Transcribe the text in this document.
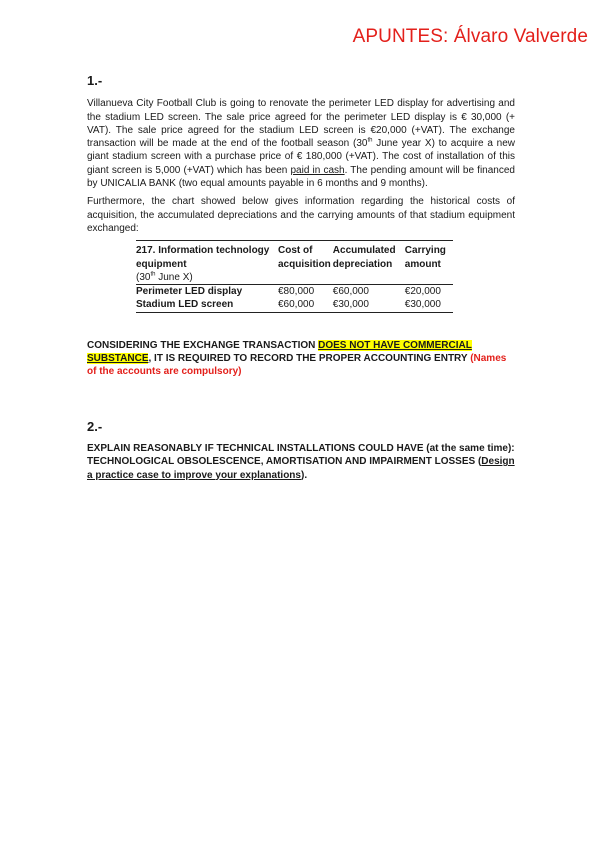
APUNTES: Álvaro Valverde
1.-

Villanueva City Football Club is going to renovate the perimeter LED display for advertising and the stadium LED screen. The sale price agreed for the perimeter LED display is € 30,000 (+ VAT). The sale price agreed for the stadium LED screen is €20,000 (+VAT). The exchange transaction will be made at the end of the football season (30th June year X) to acquire a new giant stadium screen with a purchase price of € 180,000 (+VAT). The cost of installation of this giant screen is 5,000 (+VAT) which has been paid in cash. The pending amount will be financed by UNICALIA BANK (two equal amounts payable in 6 months and 9 months).

Furthermore, the chart showed below gives information regarding the historical costs of acquisition, the accumulated depreciations and the carrying amounts of that stadium equipment exchanged:

217. Information technology equipment	Cost of acquisition	Accumulated depreciation	Carrying amount
(30th June X)			
Perimeter LED display	€80,000	€60,000	€20,000
Stadium LED screen	€60,000	€30,000	€30,000

CONSIDERING THE EXCHANGE TRANSACTION DOES NOT HAVE COMMERCIAL SUBSTANCE, IT IS REQUIRED TO RECORD THE PROPER ACCOUNTING ENTRY (Names of the accounts are compulsory)

2.-

EXPLAIN REASONABLY IF TECHNICAL INSTALLATIONS COULD HAVE (at the same time): TECHNOLOGICAL OBSOLESCENCE, AMORTISATION AND IMPAIRMENT LOSSES (Design a practice case to improve your explanations).
